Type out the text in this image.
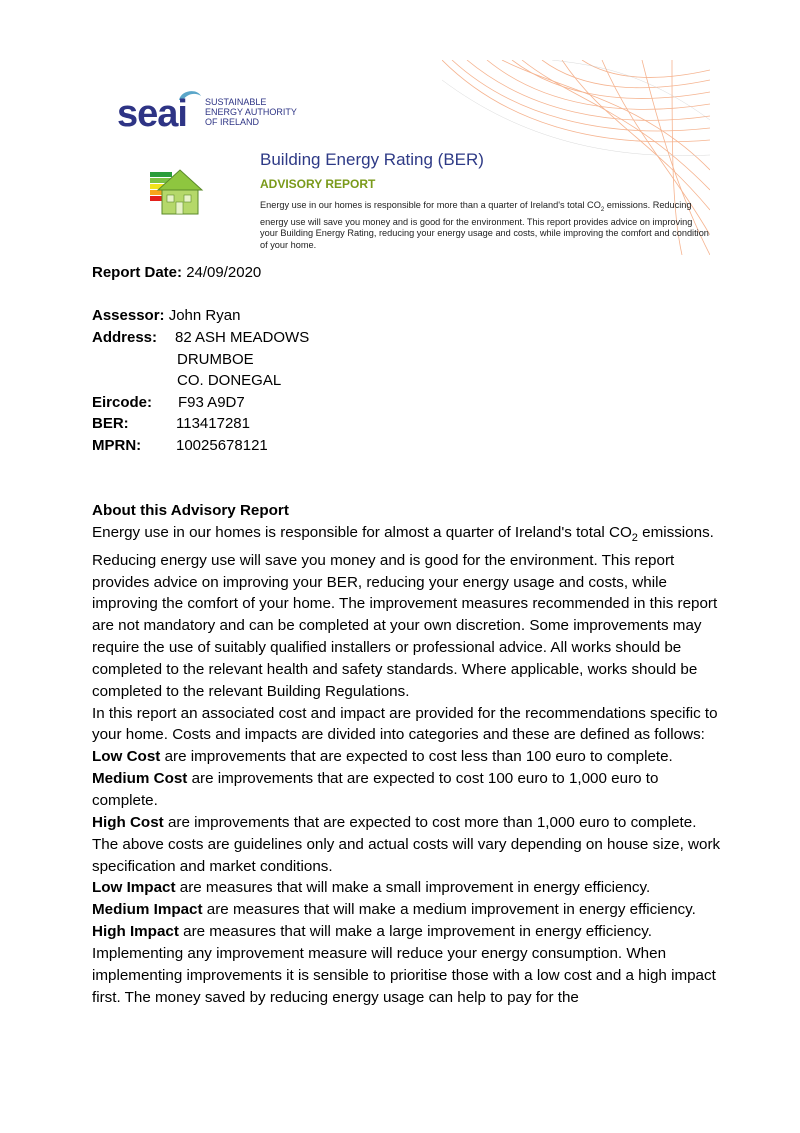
seai SUSTAINABLE
ENERGY AUTHORITY
OF IRELAND
Building Energy Rating (BER)
ADVISORY REPORT
Energy use in our homes is responsible for more than a quarter of Ireland's total $CO_2$ emissions. Reducing energy use will save you money and is good for the environment. This report provides advice on improving your Building Energy Rating, reducing your energy usage and costs, while improving the comfort and condition of your home.
Report Date: 24/09/2020
Assessor: John Ryan
Address: 82 ASH MEADOWS
DRUMBOE
CO. DONEGAL
Eircode: F93 A9D7
BER:	113417281
MPRN: 10025678121

About this Advisory Report

Energy use in our homes is responsible for almost a quarter of Ireland's total $CO_2$ emissions. Reducing energy use will save you money and is good for the environment. This report provides advice on improving your BER, reducing your energy usage and costs, while improving the comfort of your home. The improvement measures recommended in this report are not mandatory and can be completed at your own discretion. Some improvements may require the use of suitably qualified installers or professional advice. All works should be completed to the relevant health and safety standards. Where applicable, works should be completed to the relevant Building Regulations.

In this report an associated cost and impact are provided for the recommendations specific to your home. Costs and impacts are divided into categories and these are defined as follows:

Low Cost are improvements that are expected to cost less than 100 euro to complete.

Medium Cost are improvements that are expected to cost 100 euro to 1,000 euro to complete.

High Cost are improvements that are expected to cost more than 1,000 euro to complete.

The above costs are guidelines only and actual costs will vary depending on house size, work specification and market conditions.

Low Impact are measures that will make a small improvement in energy efficiency.

Medium Impact are measures that will make a medium improvement in energy efficiency.

High Impact are measures that will make a large improvement in energy efficiency.

Implementing any improvement measure will reduce your energy consumption. When implementing improvements it is sensible to prioritise those with a low cost and a high impact first. The money saved by reducing energy usage can help to pay for the
